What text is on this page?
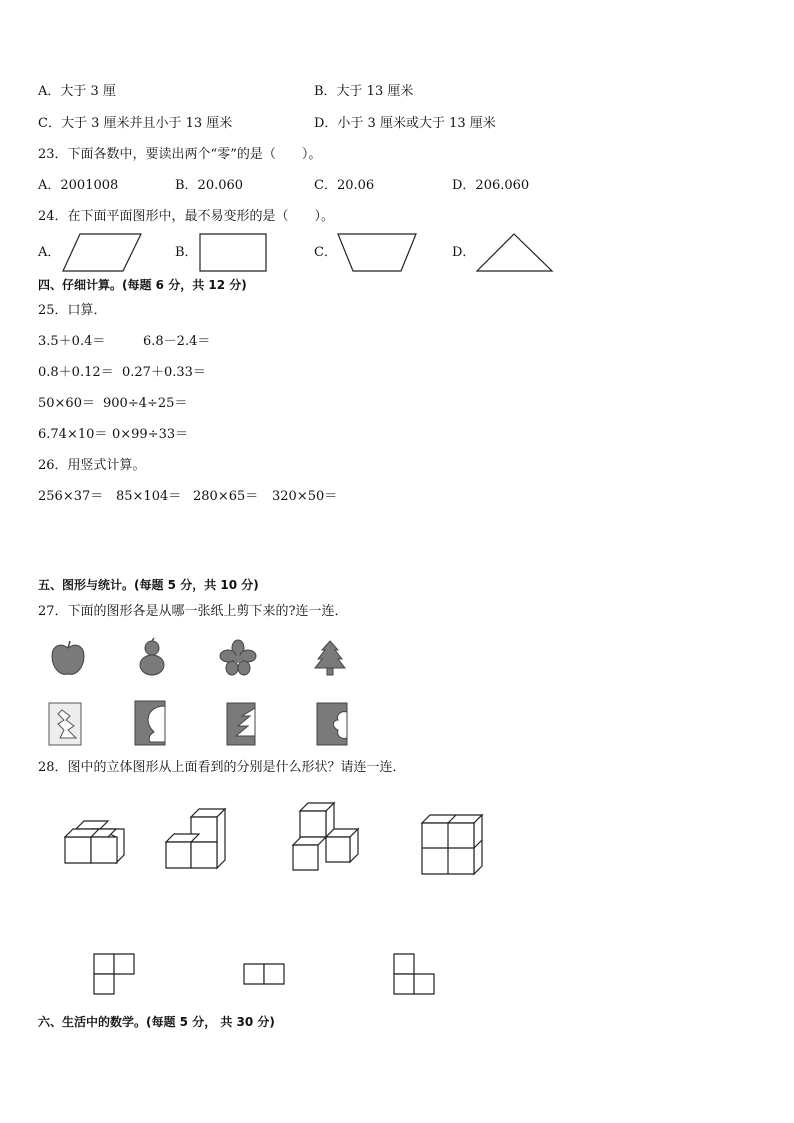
A．大于 3 厘	B．大于 13 厘米
C．大于 3 厘米并且小于 13 厘米	D．小于 3 厘米或大于 13 厘米
23．下面各数中，要读出两个“零”的是（　　）。
A．2001008	B．20.060	C．20.06	D．206.060
24．在下面平面图形中，最不易变形的是（　　）。
A．	B．	C．	D．
四、仔细计算。(每题 6 分，共 12 分)
25．口算．
3.5＋0.4＝	6.8－2.4＝
0.8＋0.12＝ 0.27＋0.33＝
50×60＝ 900÷4÷25＝
6.74×10＝ 0×99÷33＝
26．用竖式计算。
256×37＝ 85×104＝ 280×65＝ 320×50＝
五、图形与统计。(每题 5 分，共 10 分)
27．下面的图形各是从哪一张纸上剪下来的?连一连．
28．图中的立体图形从上面看到的分别是什么形状？请连一连．
六、生活中的数学。(每题 5 分， 共 30 分)
